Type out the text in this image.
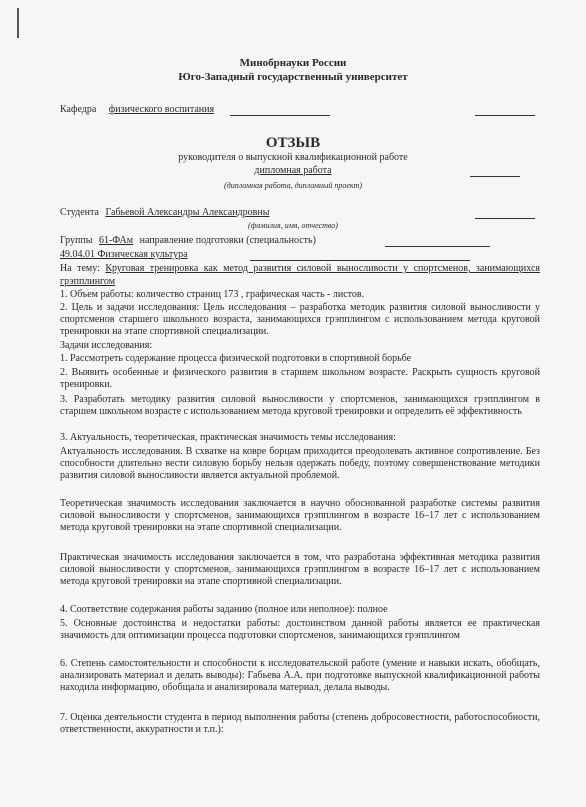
Минобрнауки России
Юго-Западный государственный университет
Кафедра физического воспитания
ОТЗЫВ
руководителя о выпускной квалификационной работе
дипломная работа
(дипломная работа, дипломный проект)
Студента Габьевой Александры Александровны
(фамилия, имя, отчество)
Группы 61-ФАм направление подготовки (специальность)
49.04.01 Физическая культура
На тему: Круговая тренировка как метод развития силовой выносливости у спортсменов, занимающихся грэпплингом
1. Объем работы: количество страниц 173 , графическая часть - листов.
2. Цель и задачи исследования: Цель исследования – разработка методик развития силовой выносливости у спортсменов старшего школьного возраста, занимающихся грэпплингом с использованием метода круговой тренировки на этапе спортивной специализации.
Задачи исследования:
1. Рассмотреть содержание процесса физической подготовки в спортивной борьбе
2. Выявить особенные и физического развития в старшем школьном возрасте. Раскрыть сущность круговой тренировки.
3. Разработать методику развития силовой выносливости у спортсменов, занимающихся грэпплингом в старшем школьном возрасте с использованием метода круговой тренировки и определить её эффективность
3. Актуальность, теоретическая, практическая значимость темы исследования:
Актуальность исследования. В схватке на ковре борцам приходится преодолевать активное сопротивление. Без способности длительно вести силовую борьбу нельзя одержать победу, поэтому совершенствование методики развития силовой выносливости является актуальной проблемой.
Теоретическая значимость исследования заключается в научно обоснованной разработке системы развития силовой выносливости у спортсменов, занимающихся грэпплингом в возрасте 16–17 лет с использованием метода круговой тренировки на этапе спортивной специализации.
Практическая значимость исследования заключается в том, что разработана эффективная методика развития силовой выносливости у спортсменов, занимающихся грэпплингом в возрасте 16–17 лет с использованием метода круговой тренировки на этапе спортивной специализации.
4. Соответствие содержания работы заданию (полное или неполное): полное
5. Основные достоинства и недостатки работы: достоинством данной работы является ее практическая значимость для оптимизации процесса подготовки спортсменов, занимающихся грэпплингом
6. Степень самостоятельности и способности к исследовательской работе (умение и навыки искать, обобщать, анализировать материал и делать выводы): Габьева А.А. при подготовке выпускной квалификационной работы находила информацию, обобщала и анализировала материал, делала выводы.
7. Оценка деятельности студента в период выполнения работы (степень добросовестности, работоспособности, ответственности, аккуратности и т.п.):
